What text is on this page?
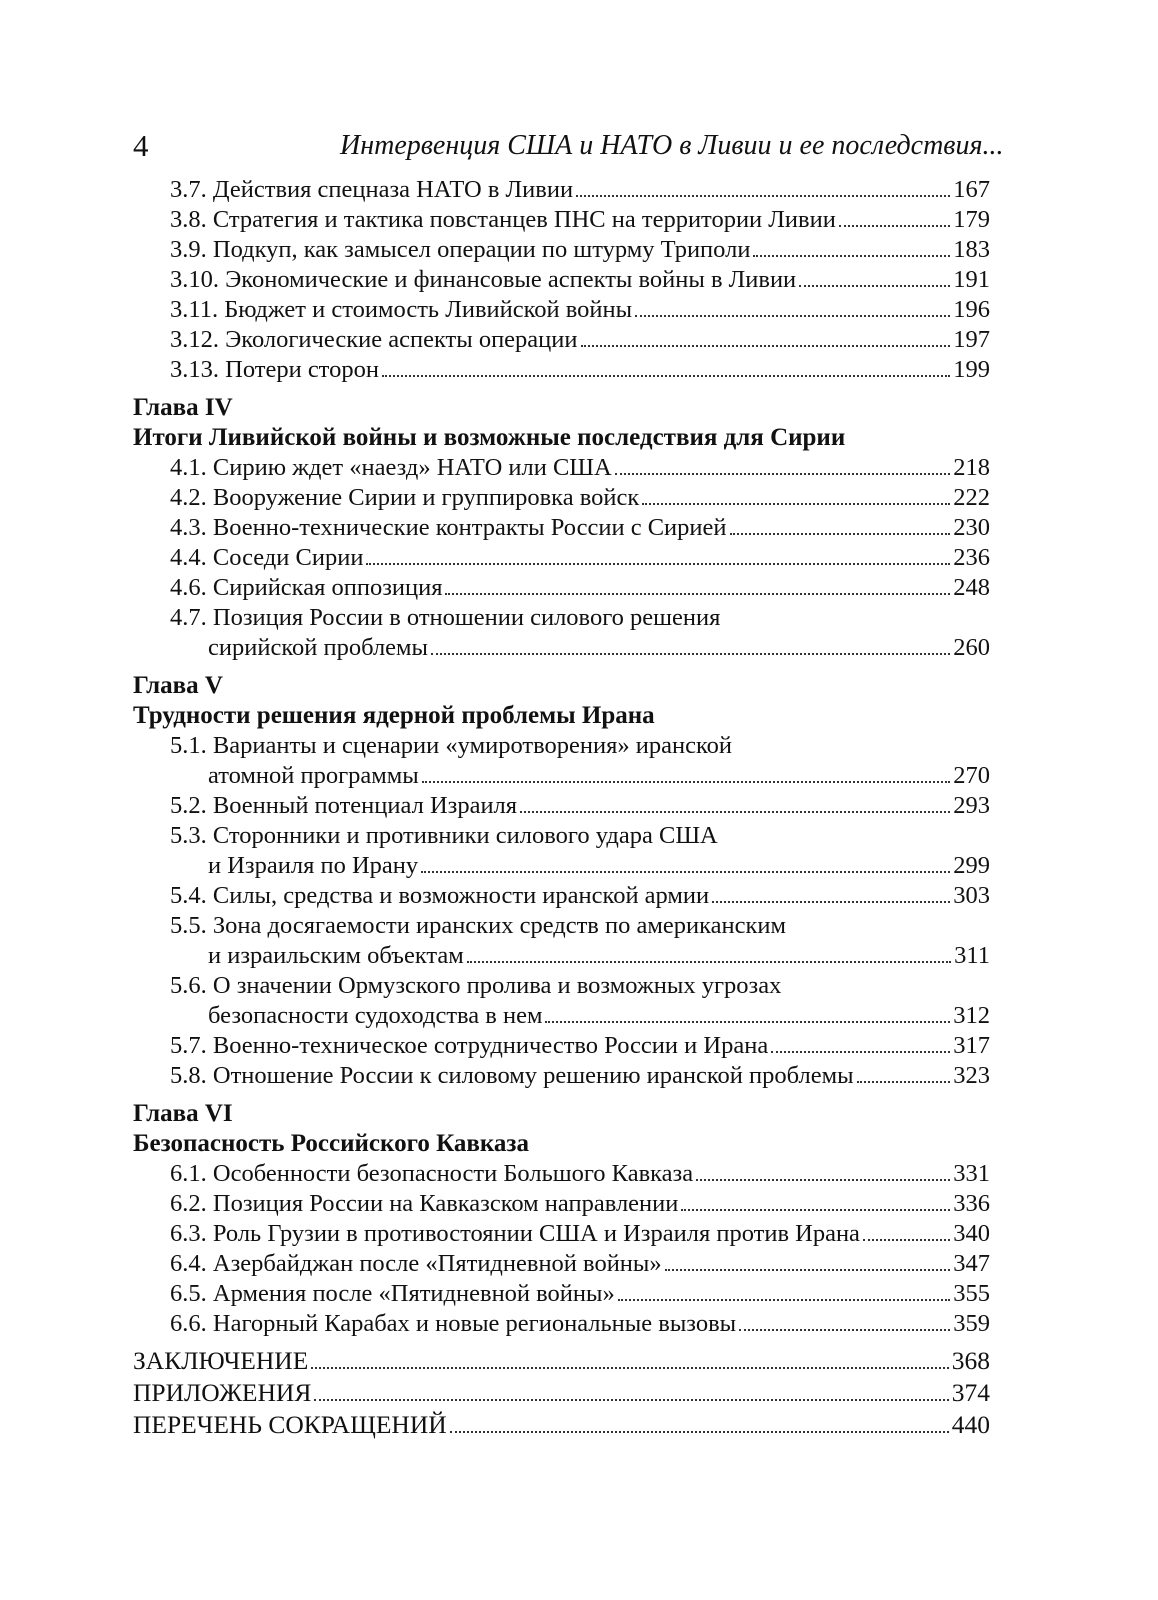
4	Интервенция США и НАТО в Ливии и ее последствия...
3.7. Действия спецназа НАТО в Ливии	167
3.8. Стратегия и тактика повстанцев ПНС на территории Ливии	179
3.9. Подкуп, как замысел операции по штурму Триполи	183
3.10. Экономические и финансовые аспекты войны в Ливии	191
3.11. Бюджет и стоимость Ливийской войны	196
3.12. Экологические аспекты операции	197
3.13. Потери сторон	199
Глава IV
Итоги Ливийской войны и возможные последствия для Сирии
4.1. Сирию ждет «наезд» НАТО или США	218
4.2. Вооружение Сирии и группировка войск	222
4.3. Военно-технические контракты России с Сирией	230
4.4. Соседи Сирии	236
4.6. Сирийская оппозиция	248
4.7. Позиция России в отношении силового решения
сирийской проблемы	260
Глава V
Трудности решения ядерной проблемы Ирана
5.1. Варианты и сценарии «умиротворения» иранской
атомной программы	270
5.2. Военный потенциал Израиля	293
5.3. Сторонники и противники силового удара США
и Израиля по Ирану	299
5.4. Силы, средства и возможности иранской армии	303
5.5. Зона досягаемости иранских средств по американским
и израильским объектам	311
5.6. О значении Ормузского пролива и возможных угрозах
безопасности судоходства в нем	312
5.7. Военно-техническое сотрудничество России и Ирана	317
5.8. Отношение России к силовому решению иранской проблемы	323
Глава VI
Безопасность Российского Кавказа
6.1. Особенности безопасности Большого Кавказа	331
6.2. Позиция России на Кавказском направлении	336
6.3. Роль Грузии в противостоянии США и Израиля против Ирана	340
6.4. Азербайджан после «Пятидневной войны»	347
6.5. Армения после «Пятидневной войны»	355
6.6. Нагорный Карабах и новые региональные вызовы	359
ЗАКЛЮЧЕНИЕ	368
ПРИЛОЖЕНИЯ	374
ПЕРЕЧЕНЬ СОКРАЩЕНИЙ	440
